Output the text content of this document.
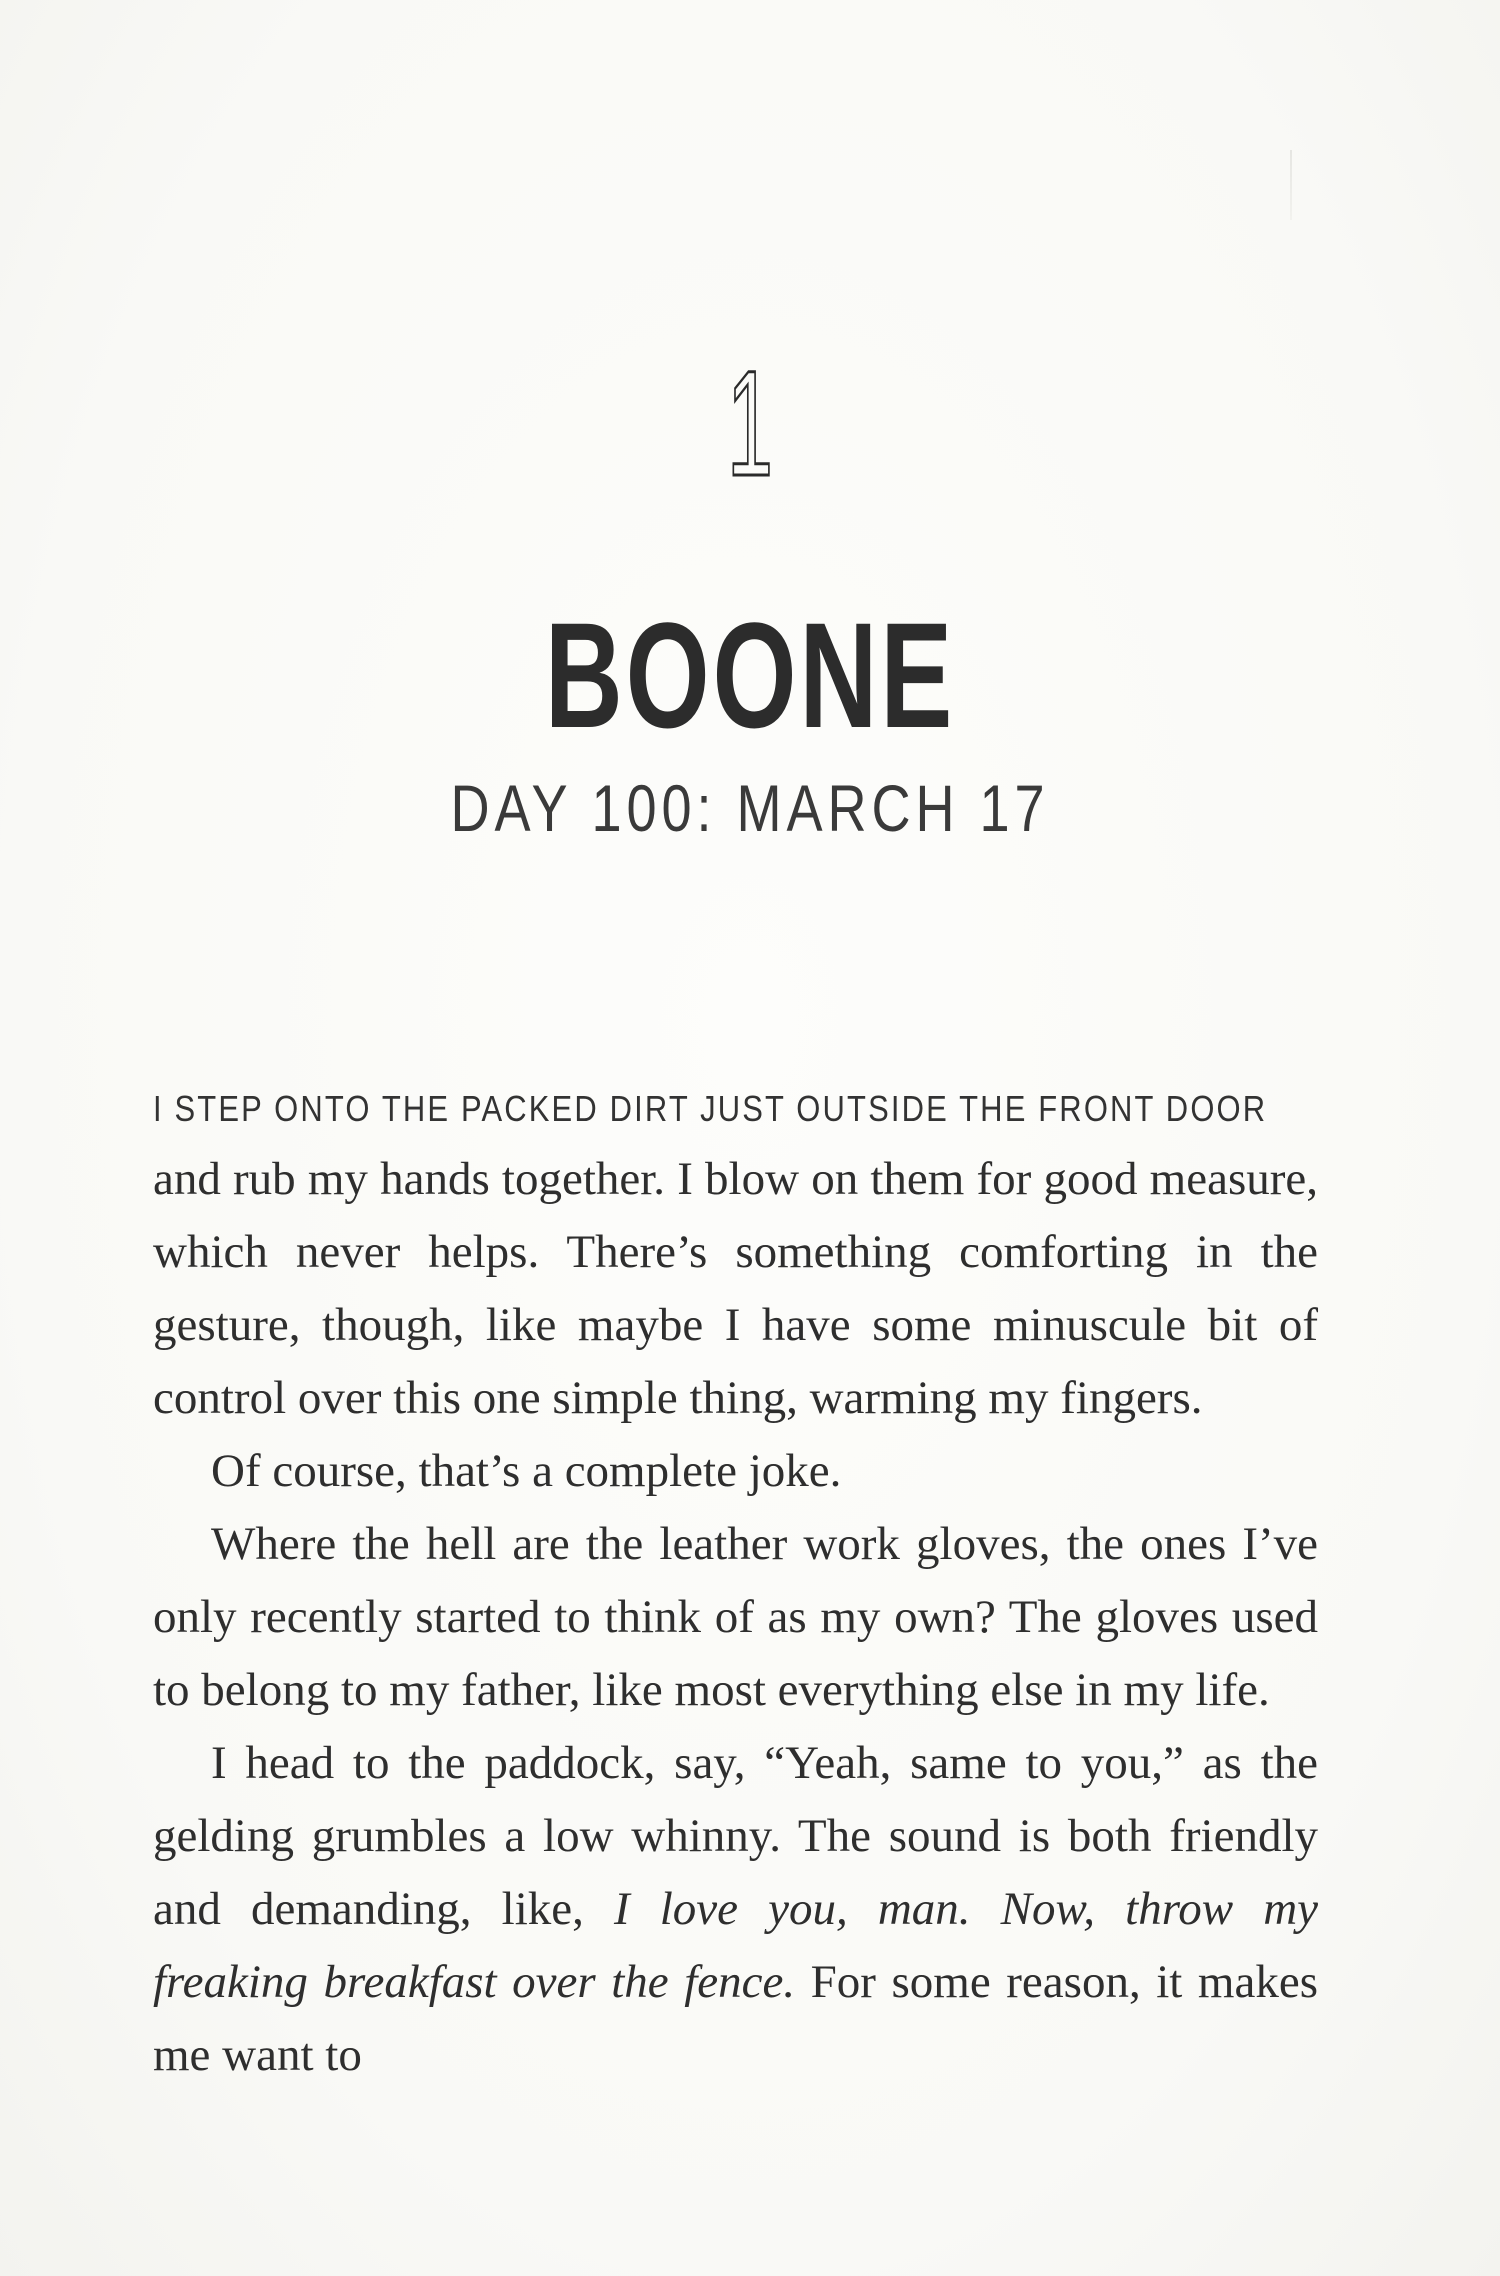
1
BOONE
DAY 100: MARCH 17

I STEP ONTO THE PACKED DIRT JUST OUTSIDE THE FRONT DOOR
and rub my hands together. I blow on them for good measure, which never helps. There’s something comforting in the gesture, though, like maybe I have some minuscule bit of control over this one simple thing, warming my fingers.

Of course, that’s a complete joke.

Where the hell are the leather work gloves, the ones I’ve only recently started to think of as my own? The gloves used to belong to my father, like most everything else in my life.

I head to the paddock, say, “Yeah, same to you,” as the gelding grumbles a low whinny. The sound is both friendly and demanding, like, I love you, man. Now, throw my freaking breakfast over the fence. For some reason, it makes me want to
